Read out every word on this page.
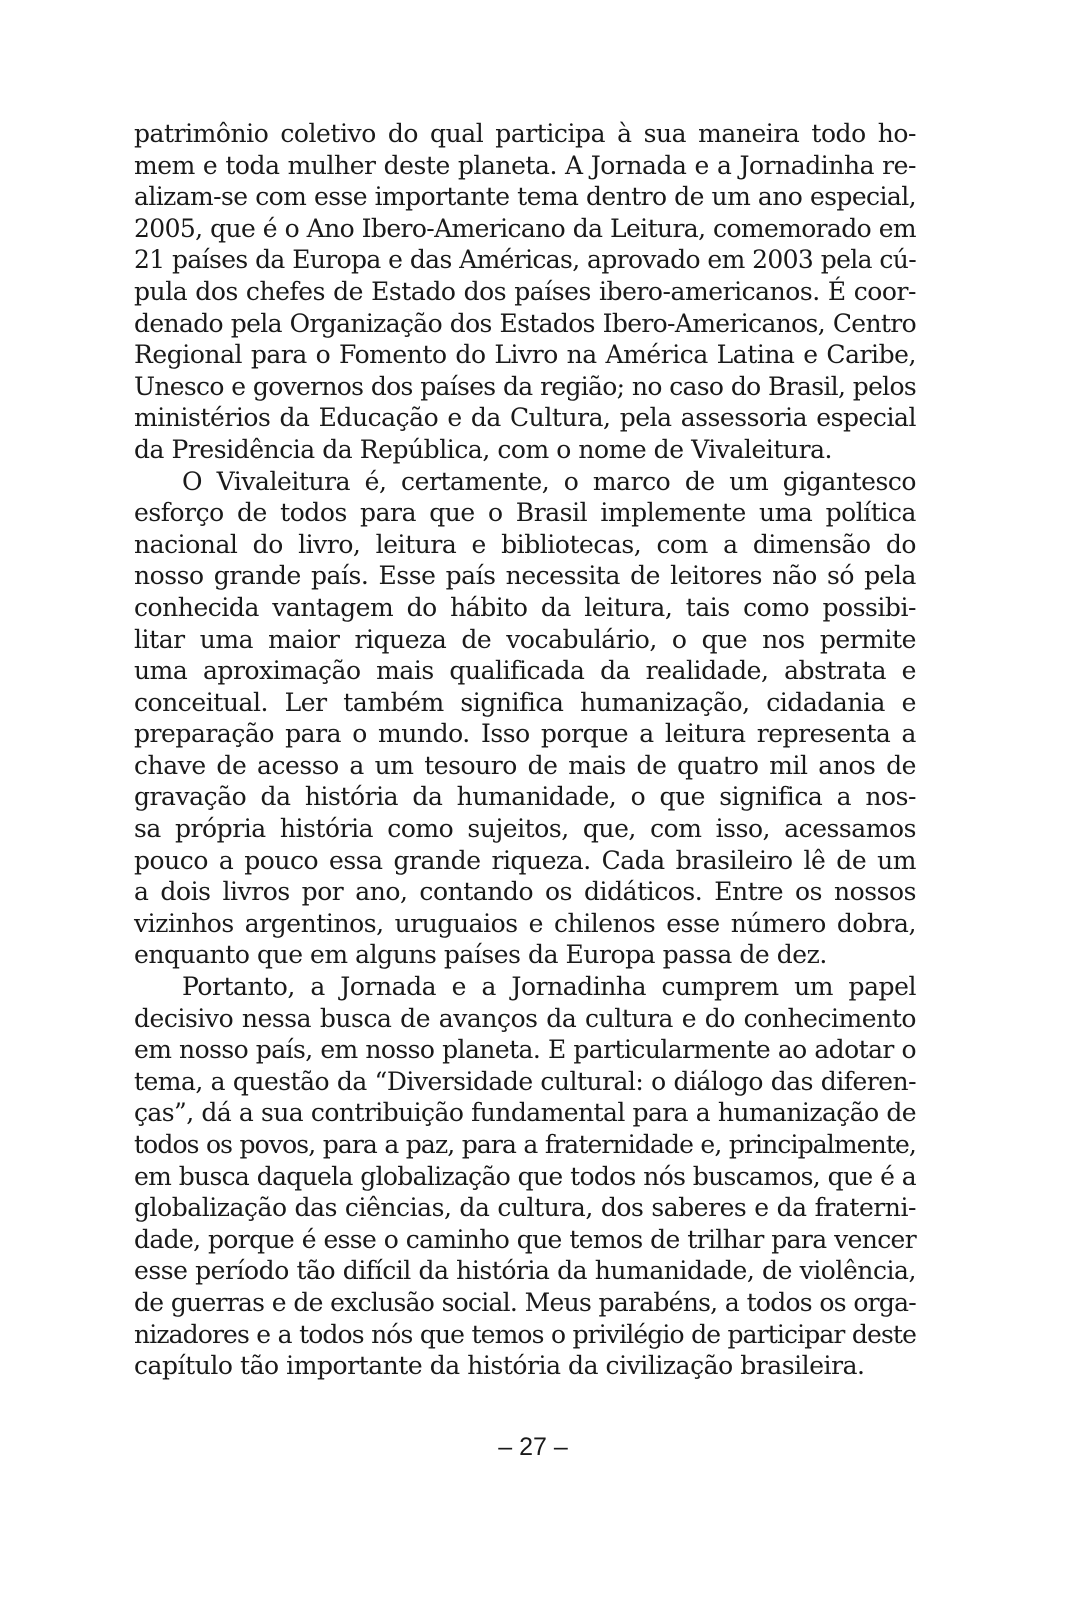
patrimônio coletivo do qual participa à sua maneira todo ho-
mem e toda mulher deste planeta. A Jornada e a Jornadinha re-
alizam-se com esse importante tema dentro de um ano especial,
2005, que é o Ano Ibero-Americano da Leitura, comemorado em
21 países da Europa e das Américas, aprovado em 2003 pela cú-
pula dos chefes de Estado dos países ibero-americanos. É coor-
denado pela Organização dos Estados Ibero-Americanos, Centro
Regional para o Fomento do Livro na América Latina e Caribe,
Unesco e governos dos países da região; no caso do Brasil, pelos
ministérios da Educação e da Cultura, pela assessoria especial
da Presidência da República, com o nome de Vivaleitura.
O Vivaleitura é, certamente, o marco de um gigantesco
esforço de todos para que o Brasil implemente uma política
nacional do livro, leitura e bibliotecas, com a dimensão do
nosso grande país. Esse país necessita de leitores não só pela
conhecida vantagem do hábito da leitura, tais como possibi-
litar uma maior riqueza de vocabulário, o que nos permite
uma aproximação mais qualificada da realidade, abstrata e
conceitual. Ler também significa humanização, cidadania e
preparação para o mundo. Isso porque a leitura representa a
chave de acesso a um tesouro de mais de quatro mil anos de
gravação da história da humanidade, o que significa a nos-
sa própria história como sujeitos, que, com isso, acessamos
pouco a pouco essa grande riqueza. Cada brasileiro lê de um
a dois livros por ano, contando os didáticos. Entre os nossos
vizinhos argentinos, uruguaios e chilenos esse número dobra,
enquanto que em alguns países da Europa passa de dez.
Portanto, a Jornada e a Jornadinha cumprem um papel
decisivo nessa busca de avanços da cultura e do conhecimento
em nosso país, em nosso planeta. E particularmente ao adotar o
tema, a questão da “Diversidade cultural: o diálogo das diferen-
ças”, dá a sua contribuição fundamental para a humanização de
todos os povos, para a paz, para a fraternidade e, principalmente,
em busca daquela globalização que todos nós buscamos, que é a
globalização das ciências, da cultura, dos saberes e da fraterni-
dade, porque é esse o caminho que temos de trilhar para vencer
esse período tão difícil da história da humanidade, de violência,
de guerras e de exclusão social. Meus parabéns, a todos os orga-
nizadores e a todos nós que temos o privilégio de participar deste
capítulo tão importante da história da civilização brasileira.
– 27 –
